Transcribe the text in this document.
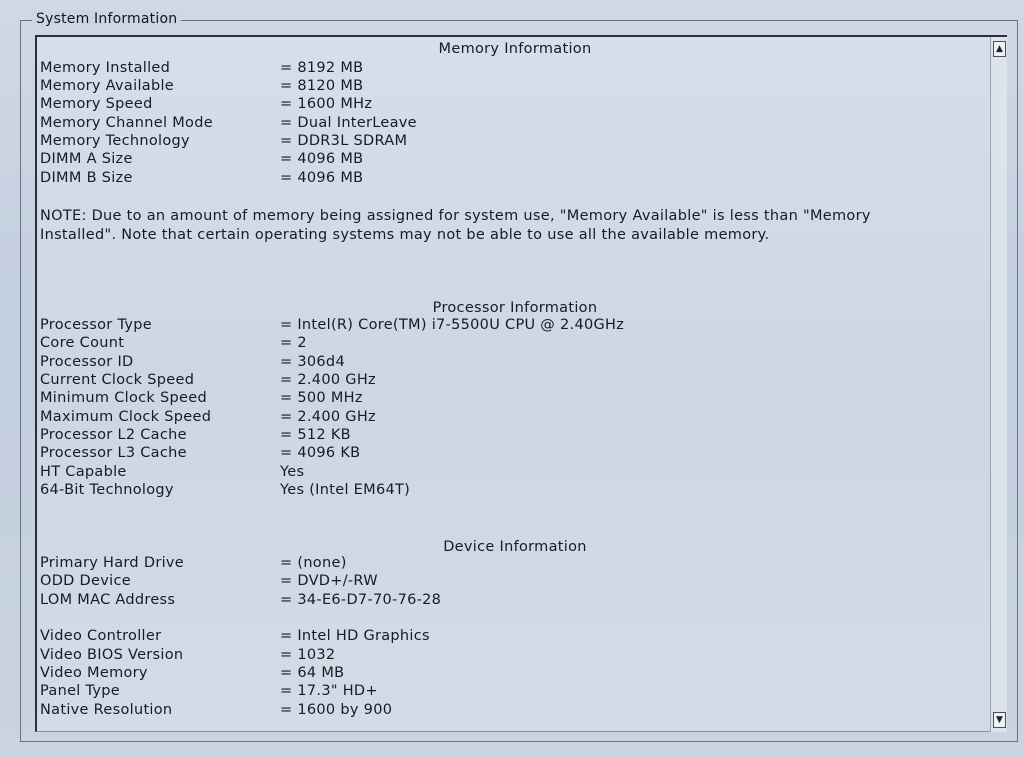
System Information
▲
▼
Memory Information
Memory Installed	= 8192 MB
Memory Available	= 8120 MB
Memory Speed	= 1600 MHz
Memory Channel Mode	= Dual InterLeave
Memory Technology	= DDR3L SDRAM
DIMM A Size	= 4096 MB
DIMM B Size	= 4096 MB
NOTE: Due to an amount of memory being assigned for system use, "Memory Available" is less than "Memory Installed". Note that certain operating systems may not be able to use all the available memory.
Processor Information
Processor Type	= Intel(R) Core(TM) i7-5500U CPU @ 2.40GHz
Core Count	= 2
Processor ID	= 306d4
Current Clock Speed	= 2.400 GHz
Minimum Clock Speed	= 500 MHz
Maximum Clock Speed	= 2.400 GHz
Processor L2 Cache	= 512 KB
Processor L3 Cache	= 4096 KB
HT Capable	Yes
64-Bit Technology	Yes (Intel EM64T)
Device Information
Primary Hard Drive	= (none)
ODD Device	= DVD+/-RW
LOM MAC Address	= 34-E6-D7-70-76-28
Video Controller	= Intel HD Graphics
Video BIOS Version	= 1032
Video Memory	= 64 MB
Panel Type	= 17.3" HD+
Native Resolution	= 1600 by 900
